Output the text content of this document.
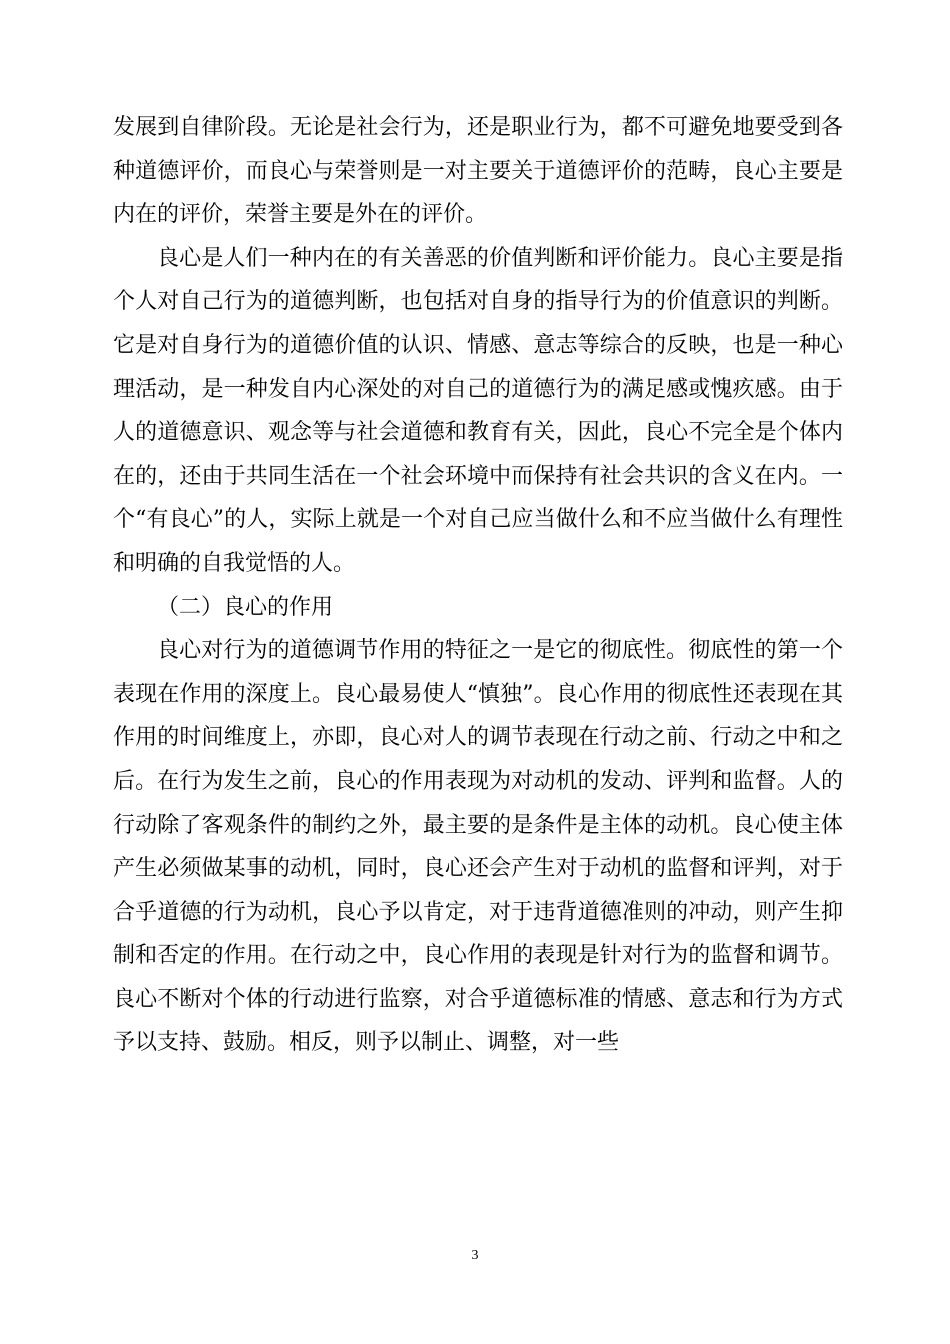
发展到自律阶段。无论是社会行为，还是职业行为，都不可避免地要受到各种道德评价，而良心与荣誉则是一对主要关于道德评价的范畴，良心主要是内在的评价，荣誉主要是外在的评价。

良心是人们一种内在的有关善恶的价值判断和评价能力。良心主要是指个人对自己行为的道德判断，也包括对自身的指导行为的价值意识的判断。它是对自身行为的道德价值的认识、情感、意志等综合的反映，也是一种心理活动，是一种发自内心深处的对自己的道德行为的满足感或愧疚感。由于人的道德意识、观念等与社会道德和教育有关，因此，良心不完全是个体内在的，还由于共同生活在一个社会环境中而保持有社会共识的含义在内。一个“有良心”的人，实际上就是一个对自己应当做什么和不应当做什么有理性和明确的自我觉悟的人。

（二）良心的作用

良心对行为的道德调节作用的特征之一是它的彻底性。彻底性的第一个表现在作用的深度上。良心最易使人“慎独”。良心作用的彻底性还表现在其作用的时间维度上，亦即，良心对人的调节表现在行动之前、行动之中和之后。在行为发生之前，良心的作用表现为对动机的发动、评判和监督。人的行动除了客观条件的制约之外，最主要的是条件是主体的动机。良心使主体产生必须做某事的动机，同时，良心还会产生对于动机的监督和评判，对于合乎道德的行为动机，良心予以肯定，对于违背道德准则的冲动，则产生抑制和否定的作用。在行动之中，良心作用的表现是针对行为的监督和调节。良心不断对个体的行动进行监察，对合乎道德标准的情感、意志和行为方式予以支持、鼓励。相反，则予以制止、调整，对一些

3
